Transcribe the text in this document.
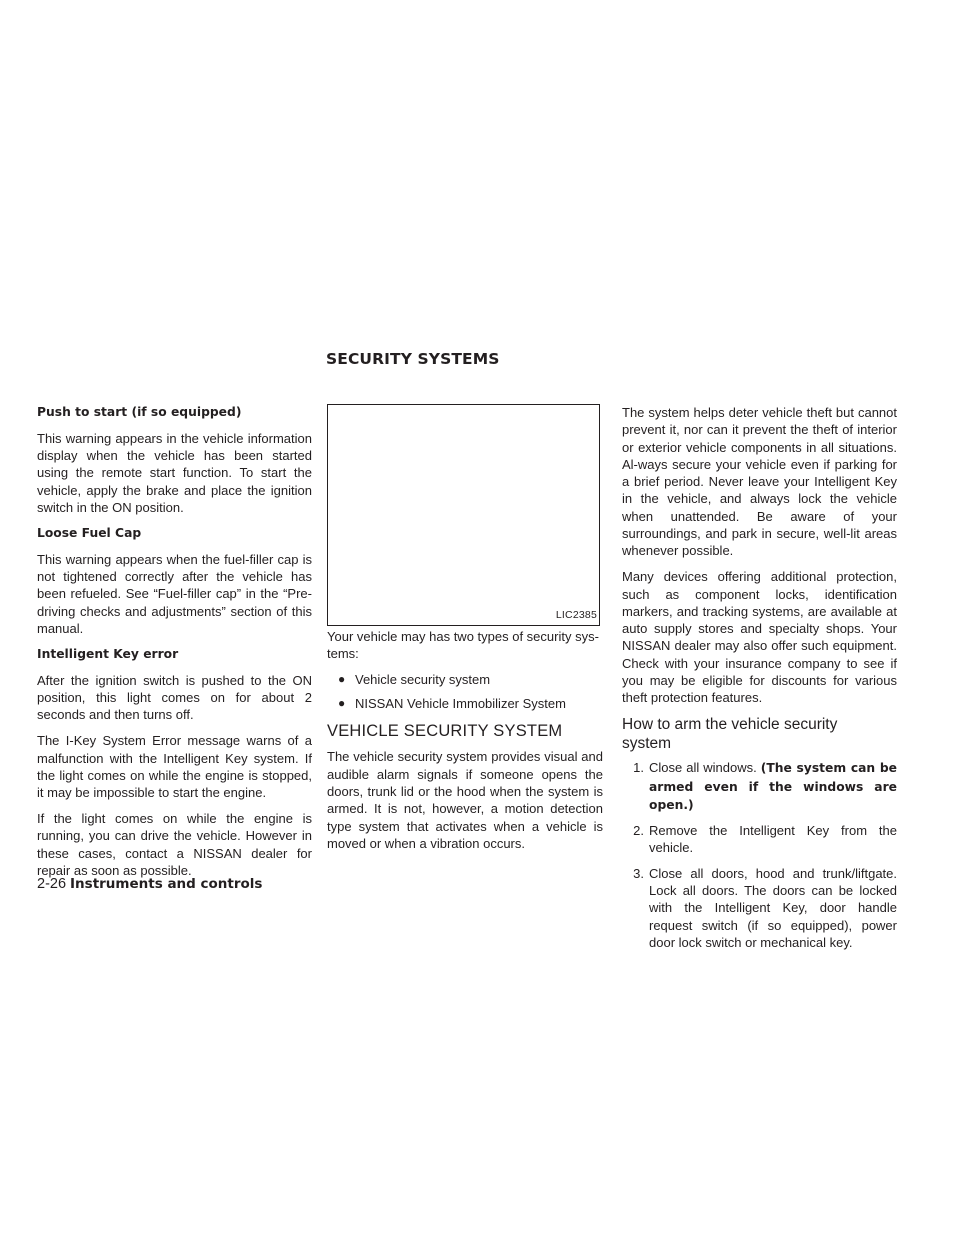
SECURITY SYSTEMS
Push to start (if so equipped)

This warning appears in the vehicle information display when the vehicle has been started using the remote start function. To start the vehicle, apply the brake and place the ignition switch in the ON position.

Loose Fuel Cap

This warning appears when the fuel-filler cap is not tightened correctly after the vehicle has been refueled. See “Fuel-filler cap” in the “Pre-driving checks and adjustments” section of this manual.

Intelligent Key error

After the ignition switch is pushed to the ON position, this light comes on for about 2 seconds and then turns off.

The I-Key System Error message warns of a malfunction with the Intelligent Key system. If the light comes on while the engine is stopped, it may be impossible to start the engine.

If the light comes on while the engine is running, you can drive the vehicle. However in these cases, contact a NISSAN dealer for repair as soon as possible.

LIC2385

Your vehicle may has two types of security sys-tems:

● Vehicle security system
● NISSAN Vehicle Immobilizer System
VEHICLE SECURITY SYSTEM

The vehicle security system provides visual and audible alarm signals if someone opens the doors, trunk lid or the hood when the system is armed. It is not, however, a motion detection type system that activates when a vehicle is moved or when a vibration occurs.

The system helps deter vehicle theft but cannot prevent it, nor can it prevent the theft of interior or exterior vehicle components in all situations. Al-ways secure your vehicle even if parking for a brief period. Never leave your Intelligent Key in the vehicle, and always lock the vehicle when unattended. Be aware of your surroundings, and park in secure, well-lit areas whenever possible.

Many devices offering additional protection, such as component locks, identification markers, and tracking systems, are available at auto supply stores and specialty shops. Your NISSAN dealer may also offer such equipment. Check with your insurance company to see if you may be eligible for discounts for various theft protection features.

How to arm the vehicle security
system
1. Close all windows. (The system can be armed even if the windows are open.)
2. Remove the Intelligent Key from the vehicle.
3. Close all doors, hood and trunk/liftgate. Lock all doors. The doors can be locked with the Intelligent Key, door handle request switch (if so equipped), power door lock switch or mechanical key.
2-26 Instruments and controls
